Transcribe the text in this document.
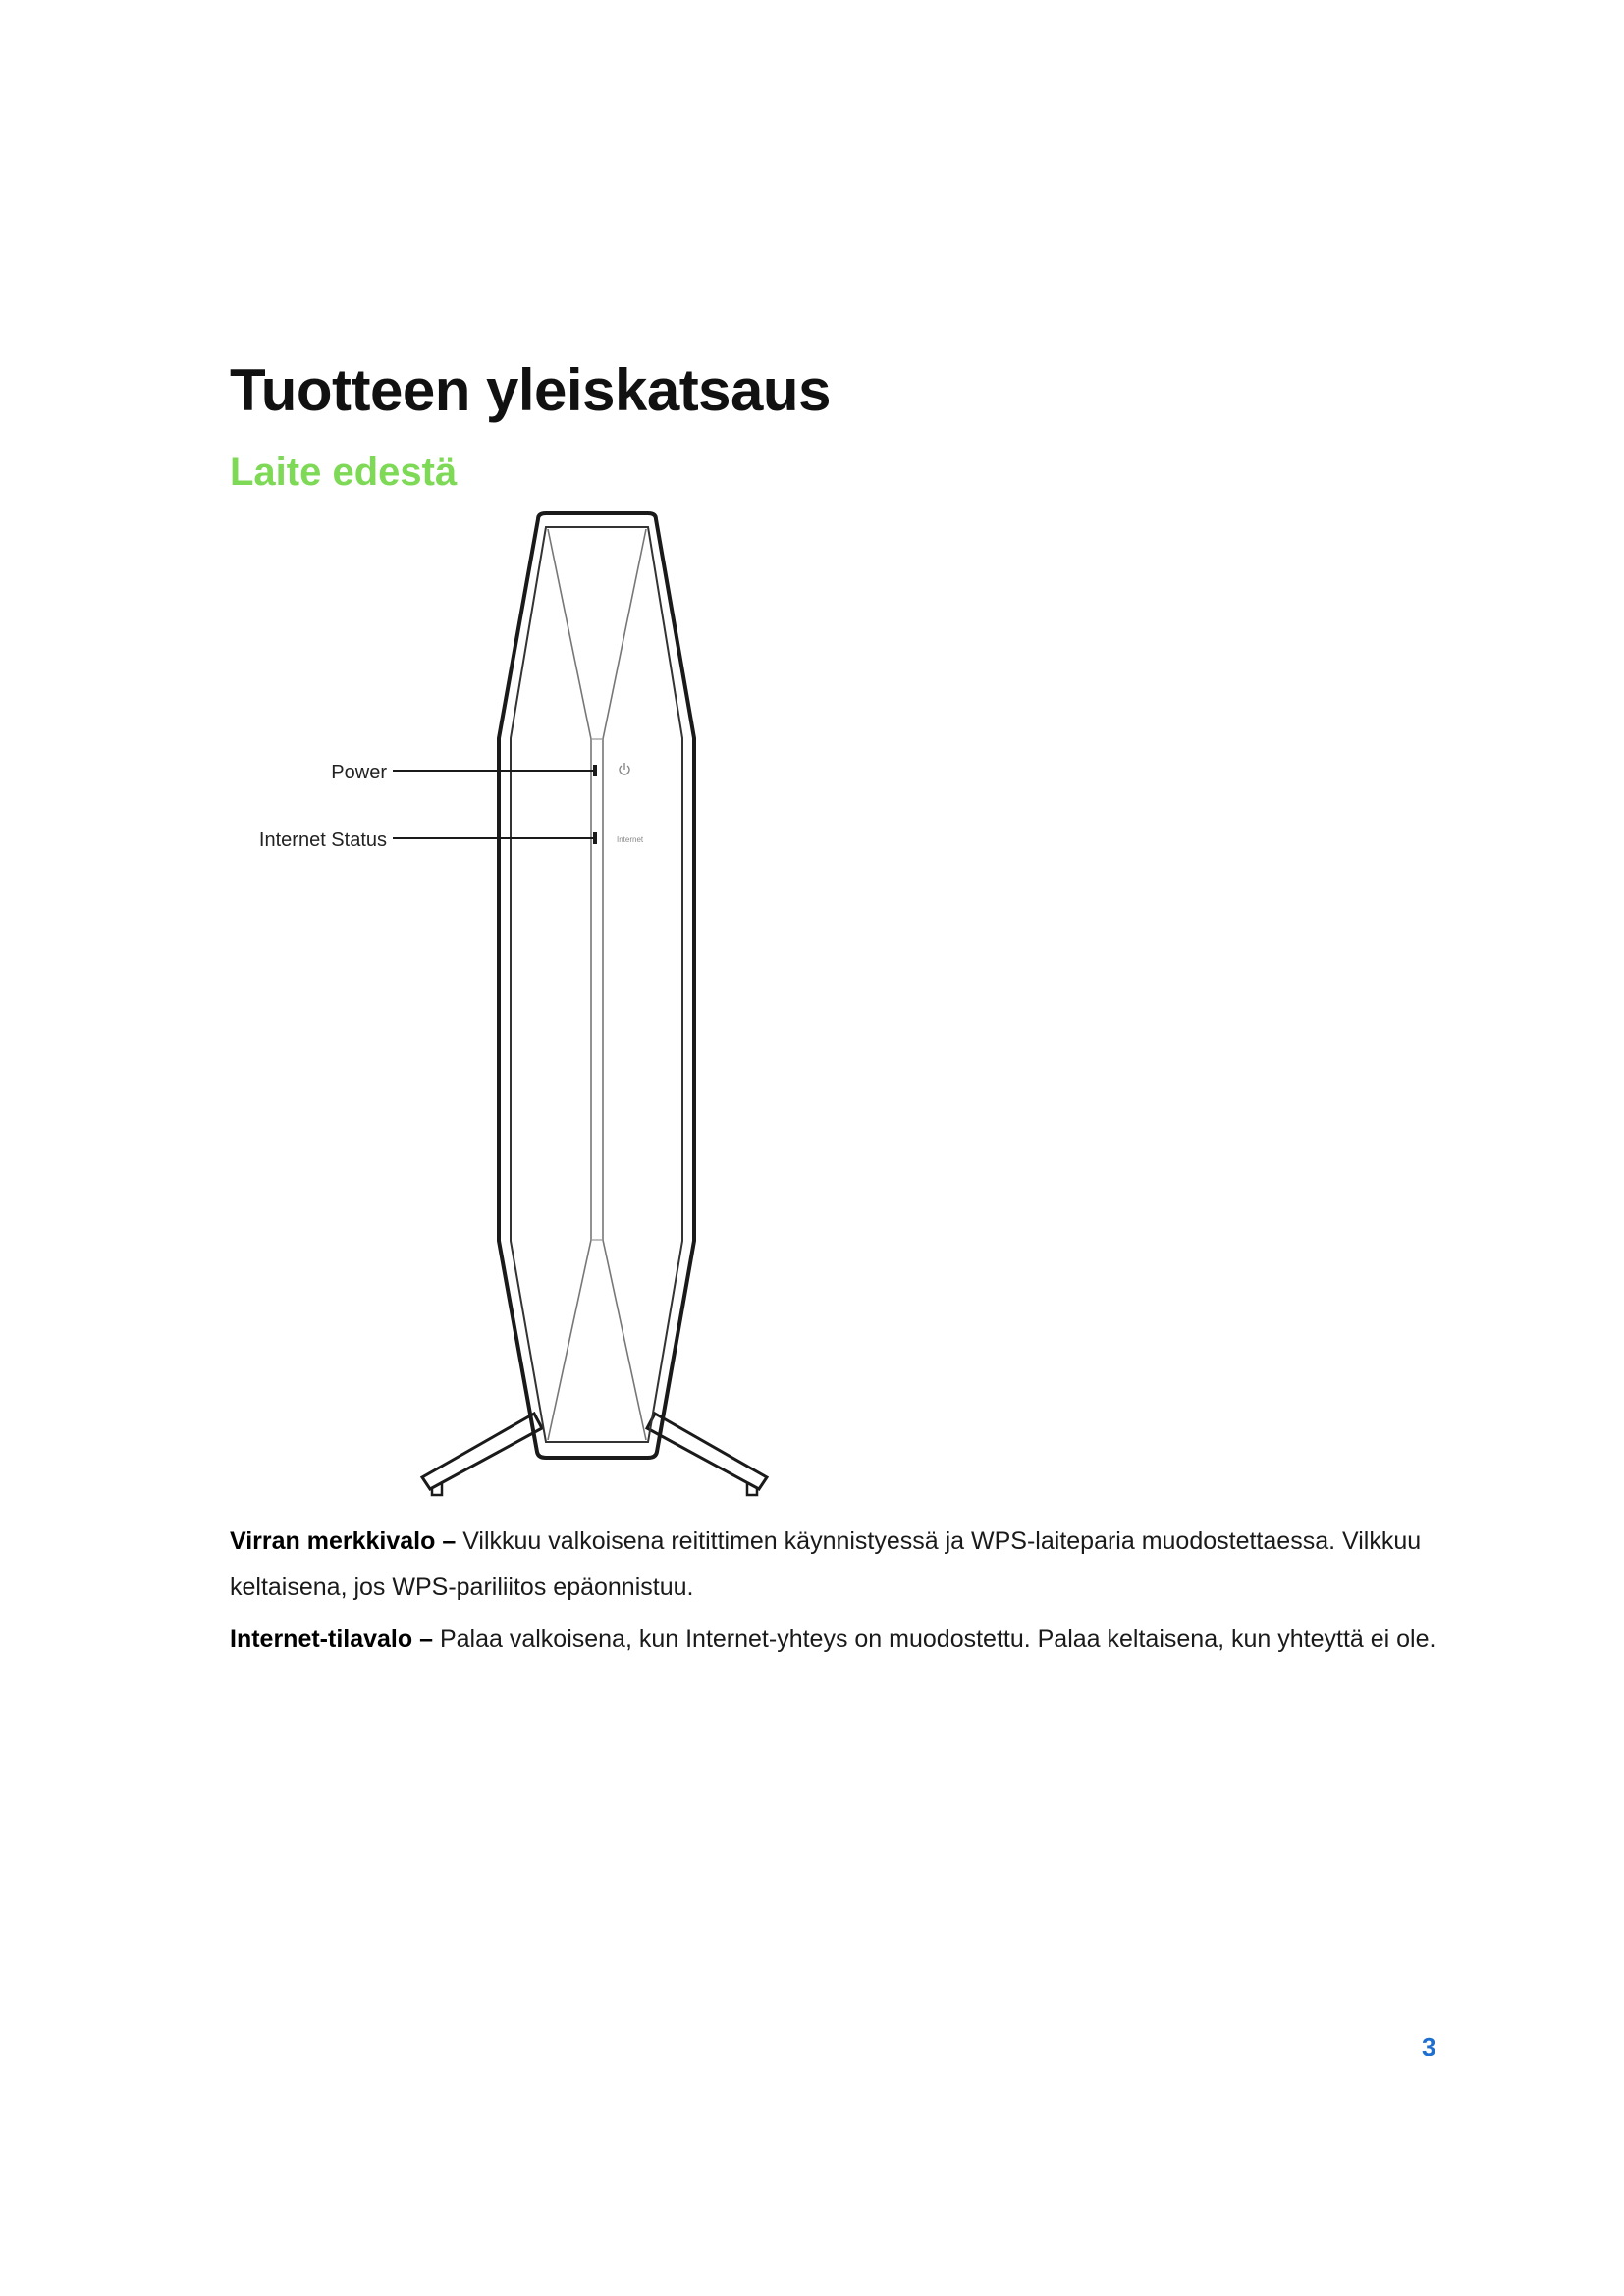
Tuotteen yleiskatsaus
Laite edestä
Internet
Power
Internet Status

Virran merkkivalo – Vilkkuu valkoisena reitittimen käynnistyessä ja WPS-laiteparia muodostettaessa. Vilkkuu keltaisena, jos WPS-pariliitos epäonnistuu.

Internet-tilavalo – Palaa valkoisena, kun Internet-yhteys on muodostettu. Palaa keltaisena, kun yhteyttä ei ole.

3
